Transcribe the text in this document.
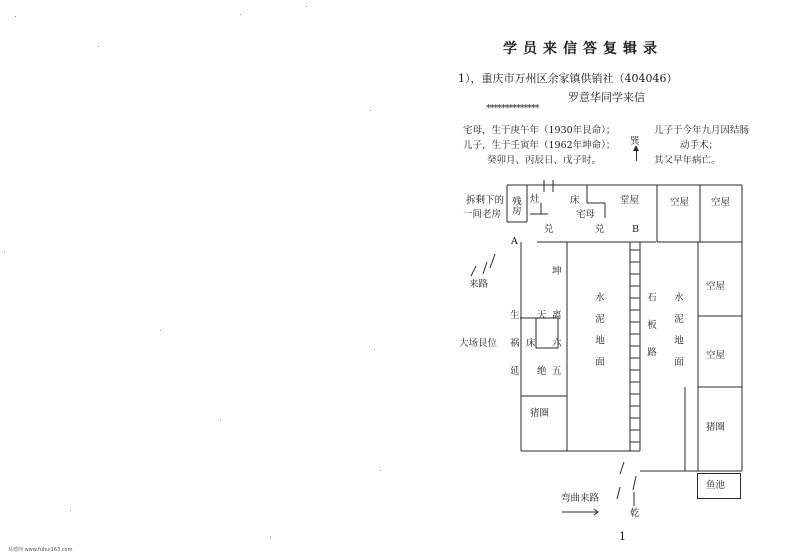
学员来信答复辑录
1），重庆市万州区余家镇供销社（404046）
罗意华同学来信
**************
宅母，生于庚午年（1930年艮命）；
儿子，生于壬寅年（1962年坤命）；
癸卯月、丙辰日、戊子时。
儿子于今年九月因结肠
动手术；
其父早年病亡。
巽
拆剩下的
一间老房 残房 灶	床
宅母
堂屋	空屋 空屋
兑	兑
A
B
来路
坤
生 天 离
祸 床 六
延 绝 五
大场艮位	水泥地面	石板路 水泥地面
空屋
空屋
猪圈
猪圈
鱼池
弯曲来路
乾
1
易德网 www.fuhui163.com
